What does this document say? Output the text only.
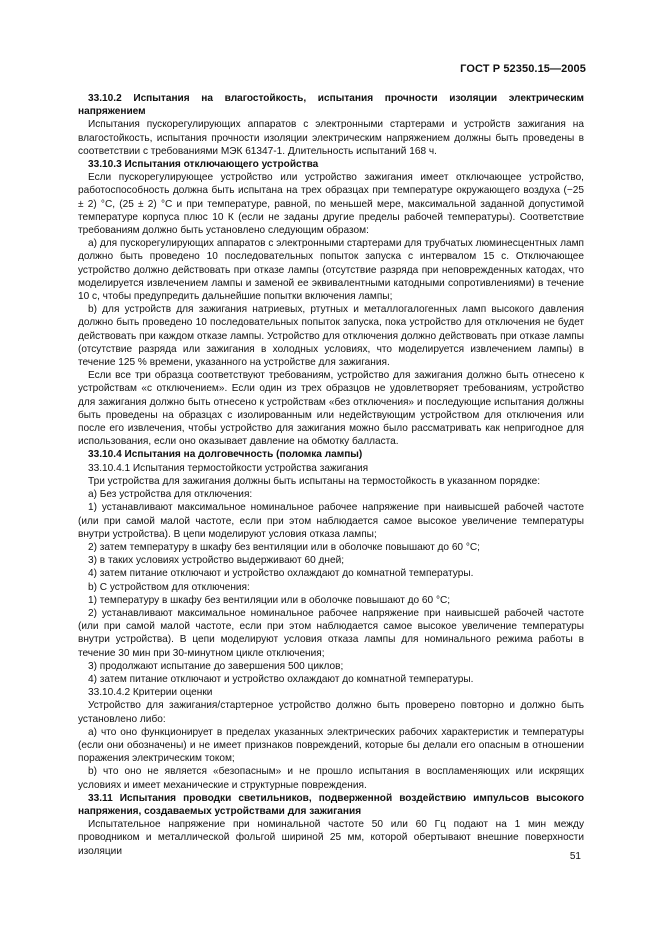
ГОСТ Р 52350.15—2005

33.10.2 Испытания на влагостойкость, испытания прочности изоляции электрическим напряжением

Испытания пускорегулирующих аппаратов с электронными стартерами и устройств зажигания на влагостойкость, испытания прочности изоляции электрическим напряжением должны быть проведены в соответствии с требованиями МЭК 61347-1. Длительность испытаний 168 ч.

33.10.3 Испытания отключающего устройства

Если пускорегулирующее устройство или устройство зажигания имеет отключающее устройство, работоспособность должна быть испытана на трех образцах при температуре окружающего воздуха (−25 ± 2) °С, (25 ± 2) °С и при температуре, равной, по меньшей мере, максимальной заданной допустимой температуре корпуса плюс 10 К (если не заданы другие пределы рабочей температуры). Соответствие требованиям должно быть установлено следующим образом:

а) для пускорегулирующих аппаратов с электронными стартерами для трубчатых люминесцентных ламп должно быть проведено 10 последовательных попыток запуска с интервалом 15 с. Отключающее устройство должно действовать при отказе лампы (отсутствие разряда при неповрежденных катодах, что моделируется извлечением лампы и заменой ее эквивалентными катодными сопротивлениями) в течение 10 с, чтобы предупредить дальнейшие попытки включения лампы;

b) для устройств для зажигания натриевых, ртутных и металлогалогенных ламп высокого давления должно быть проведено 10 последовательных попыток запуска, пока устройство для отключения не будет действовать при каждом отказе лампы. Устройство для отключения должно действовать при отказе лампы (отсутствие разряда или зажигания в холодных условиях, что моделируется извлечением лампы) в течение 125 % времени, указанного на устройстве для зажигания.

Если все три образца соответствуют требованиям, устройство для зажигания должно быть отнесено к устройствам «с отключением». Если один из трех образцов не удовлетворяет требованиям, устройство для зажигания должно быть отнесено к устройствам «без отключения» и последующие испытания должны быть проведены на образцах с изолированным или недействующим устройством для отключения или после его извлечения, чтобы устройство для зажигания можно было рассматривать как непригодное для использования, если оно оказывает давление на обмотку балласта.

33.10.4 Испытания на долговечность (поломка лампы)

33.10.4.1 Испытания термостойкости устройства зажигания

Три устройства для зажигания должны быть испытаны на термостойкость в указанном порядке:

а) Без устройства для отключения:

1) устанавливают максимальное номинальное рабочее напряжение при наивысшей рабочей частоте (или при самой малой частоте, если при этом наблюдается самое высокое увеличение температуры внутри устройства). В цепи моделируют условия отказа лампы;

2) затем температуру в шкафу без вентиляции или в оболочке повышают до 60 °С;

3) в таких условиях устройство выдерживают 60 дней;

4) затем питание отключают и устройство охлаждают до комнатной температуры.

b) С устройством для отключения:

1) температуру в шкафу без вентиляции или в оболочке повышают до 60 °С;

2) устанавливают максимальное номинальное рабочее напряжение при наивысшей рабочей частоте (или при самой малой частоте, если при этом наблюдается самое высокое увеличение температуры внутри устройства). В цепи моделируют условия отказа лампы для номинального режима работы в течение 30 мин при 30-минутном цикле отключения;

3) продолжают испытание до завершения 500 циклов;

4) затем питание отключают и устройство охлаждают до комнатной температуры.

33.10.4.2 Критерии оценки

Устройство для зажигания/стартерное устройство должно быть проверено повторно и должно быть установлено либо:

а) что оно функционирует в пределах указанных электрических рабочих характеристик и температуры (если они обозначены) и не имеет признаков повреждений, которые бы делали его опасным в отношении поражения электрическим током;

b) что оно не является «безопасным» и не прошло испытания в воспламеняющих или искрящих условиях и имеет механические и структурные повреждения.

33.11 Испытания проводки светильников, подверженной воздействию импульсов высокого напряжения, создаваемых устройствами для зажигания

Испытательное напряжение при номинальной частоте 50 или 60 Гц подают на 1 мин между проводником и металлической фольгой шириной 25 мм, которой обертывают внешние поверхности изоляции	51
